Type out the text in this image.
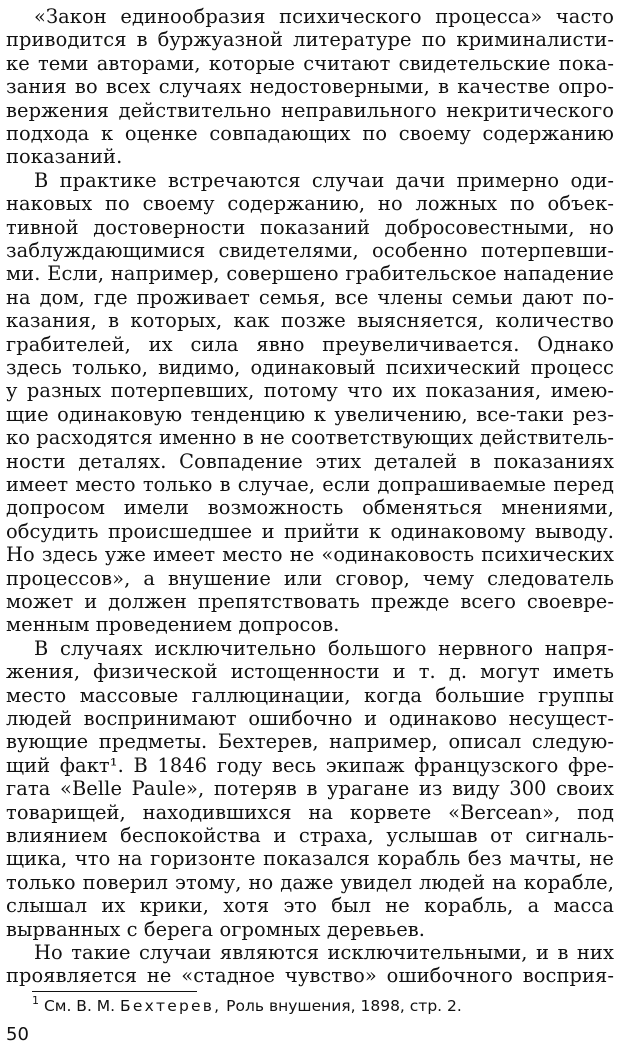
«Закон единообразия психического процесса» часто
приводится в буржуазной литературе по криминалисти-
ке теми авторами, которые считают свидетельские пока-
зания во всех случаях недостоверными, в качестве опро-
вержения действительно неправильного некритического
подхода к оценке совпадающих по своему содержанию
показаний.
В практике встречаются случаи дачи примерно оди-
наковых по своему содержанию, но ложных по объек-
тивной достоверности показаний добросовестными, но
заблуждающимися свидетелями, особенно потерпевши-
ми. Если, например, совершено грабительское нападение
на дом, где проживает семья, все члены семьи дают по-
казания, в которых, как позже выясняется, количество
грабителей, их сила явно преувеличивается. Однако
здесь только, видимо, одинаковый психический процесс
у разных потерпевших, потому что их показания, имею-
щие одинаковую тенденцию к увеличению, все-таки рез-
ко расходятся именно в не соответствующих действитель-
ности деталях. Совпадение этих деталей в показаниях
имеет место только в случае, если допрашиваемые перед
допросом имели возможность обменяться мнениями,
обсудить происшедшее и прийти к одинаковому выводу.
Но здесь уже имеет место не «одинаковость психических
процессов», а внушение или сговор, чему следователь
может и должен препятствовать прежде всего своевре-
менным проведением допросов.
В случаях исключительно большого нервного напря-
жения, физической истощенности и т. д. могут иметь
место массовые галлюцинации, когда большие группы
людей воспринимают ошибочно и одинаково несущест-
вующие предметы. Бехтерев, например, описал следую-
щий факт¹. В 1846 году весь экипаж французского фре-
гата «Belle Paule», потеряв в урагане из виду 300 своих
товарищей, находившихся на корвете «Bercean», под
влиянием беспокойства и страха, услышав от сигналь-
щика, что на горизонте показался корабль без мачты, не
только поверил этому, но даже увидел людей на корабле,
слышал их крики, хотя это был не корабль, а масса
вырванных с берега огромных деревьев.
Но такие случаи являются исключительными, и в них
проявляется не «стадное чувство» ошибочного восприя-
$^1$ См. В. М. Бехтерев, Роль внушения, 1898, стр. 2.
50
